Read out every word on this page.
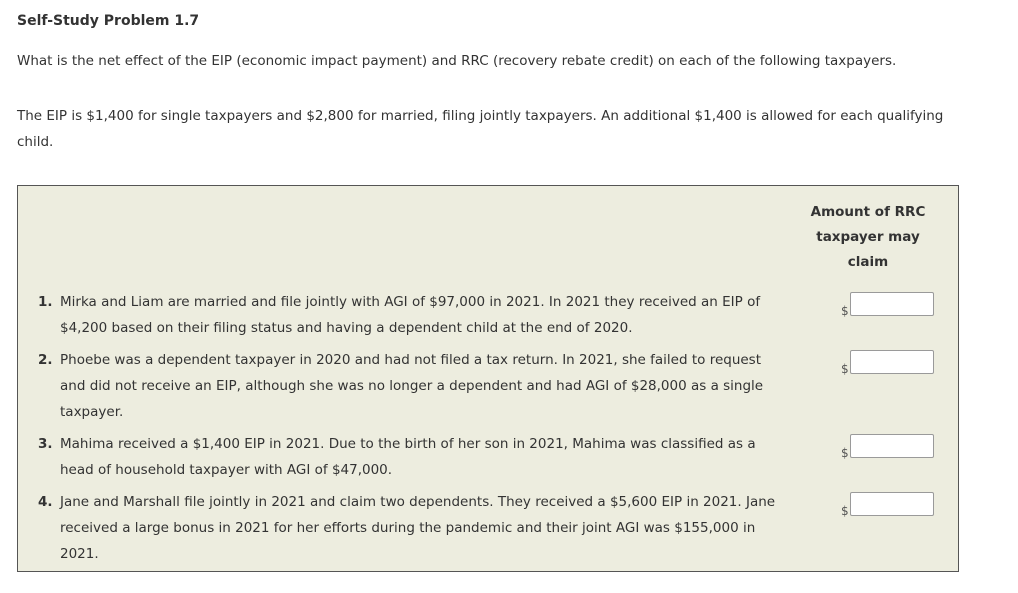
Self-Study Problem 1.7
What is the net effect of the EIP (economic impact payment) and RRC (recovery rebate credit) on each of the following taxpayers.
The EIP is $1,400 for single taxpayers and $2,800 for married, filing jointly taxpayers. An additional $1,400 is allowed for each qualifying child.
Amount of RRC taxpayer may claim
1. Mirka and Liam are married and file jointly with AGI of $97,000 in 2021. In 2021 they received an EIP of $4,200 based on their filing status and having a dependent child at the end of 2020.
$
2. Phoebe was a dependent taxpayer in 2020 and had not filed a tax return. In 2021, she failed to request and did not receive an EIP, although she was no longer a dependent and had AGI of $28,000 as a single taxpayer.
$
3. Mahima received a $1,400 EIP in 2021. Due to the birth of her son in 2021, Mahima was classified as a head of household taxpayer with AGI of $47,000.
$
4. Jane and Marshall file jointly in 2021 and claim two dependents. They received a $5,600 EIP in 2021. Jane received a large bonus in 2021 for her efforts during the pandemic and their joint AGI was $155,000 in 2021.
$
